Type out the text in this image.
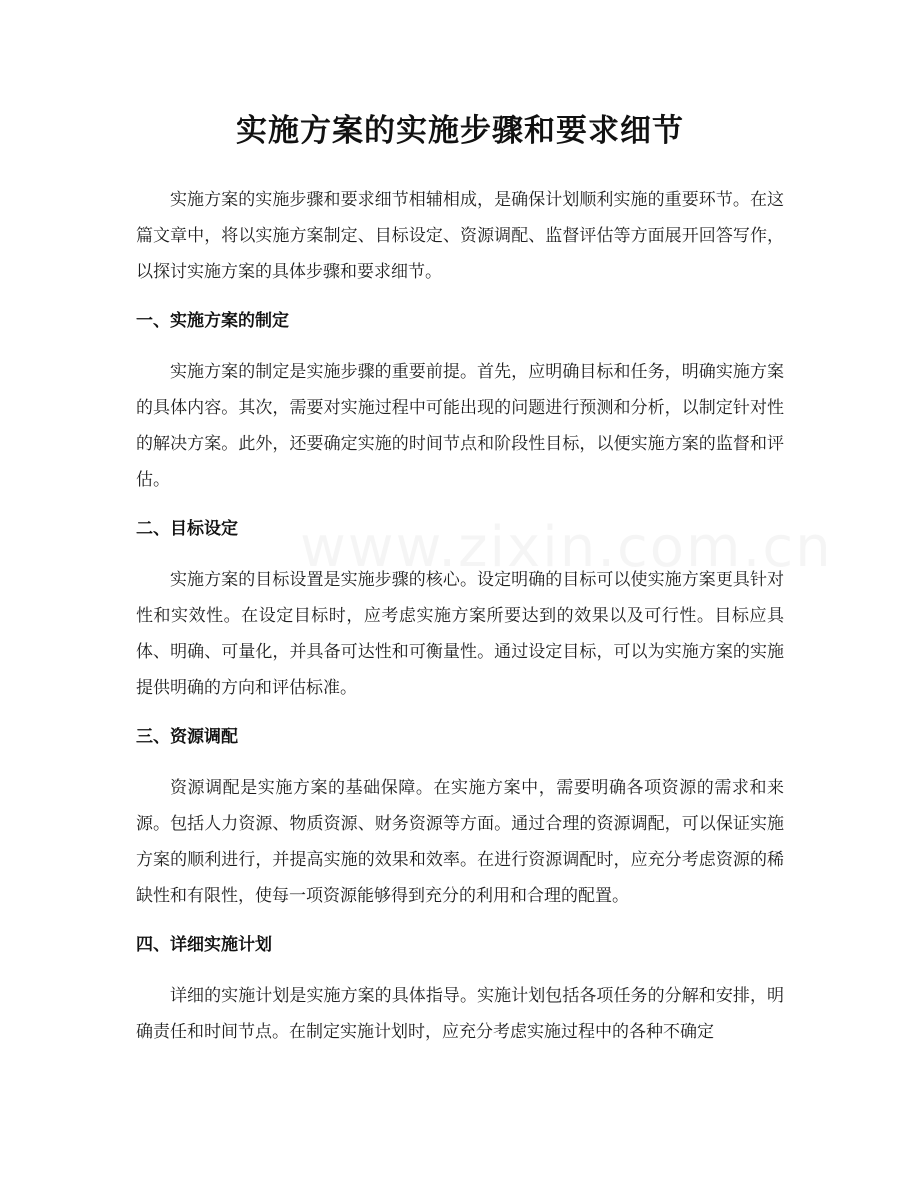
实施方案的实施步骤和要求细节

实施方案的实施步骤和要求细节相辅相成，是确保计划顺利实施的重要环节。在这篇文章中，将以实施方案制定、目标设定、资源调配、监督评估等方面展开回答写作，以探讨实施方案的具体步骤和要求细节。

一、实施方案的制定

实施方案的制定是实施步骤的重要前提。首先，应明确目标和任务，明确实施方案的具体内容。其次，需要对实施过程中可能出现的问题进行预测和分析，以制定针对性的解决方案。此外，还要确定实施的时间节点和阶段性目标，以便实施方案的监督和评估。

二、目标设定

实施方案的目标设置是实施步骤的核心。设定明确的目标可以使实施方案更具针对性和实效性。在设定目标时，应考虑实施方案所要达到的效果以及可行性。目标应具体、明确、可量化，并具备可达性和可衡量性。通过设定目标，可以为实施方案的实施提供明确的方向和评估标准。

三、资源调配

资源调配是实施方案的基础保障。在实施方案中，需要明确各项资源的需求和来源。包括人力资源、物质资源、财务资源等方面。通过合理的资源调配，可以保证实施方案的顺利进行，并提高实施的效果和效率。在进行资源调配时，应充分考虑资源的稀缺性和有限性，使每一项资源能够得到充分的利用和合理的配置。

四、详细实施计划

详细的实施计划是实施方案的具体指导。实施计划包括各项任务的分解和安排，明确责任和时间节点。在制定实施计划时，应充分考虑实施过程中的各种不确定
